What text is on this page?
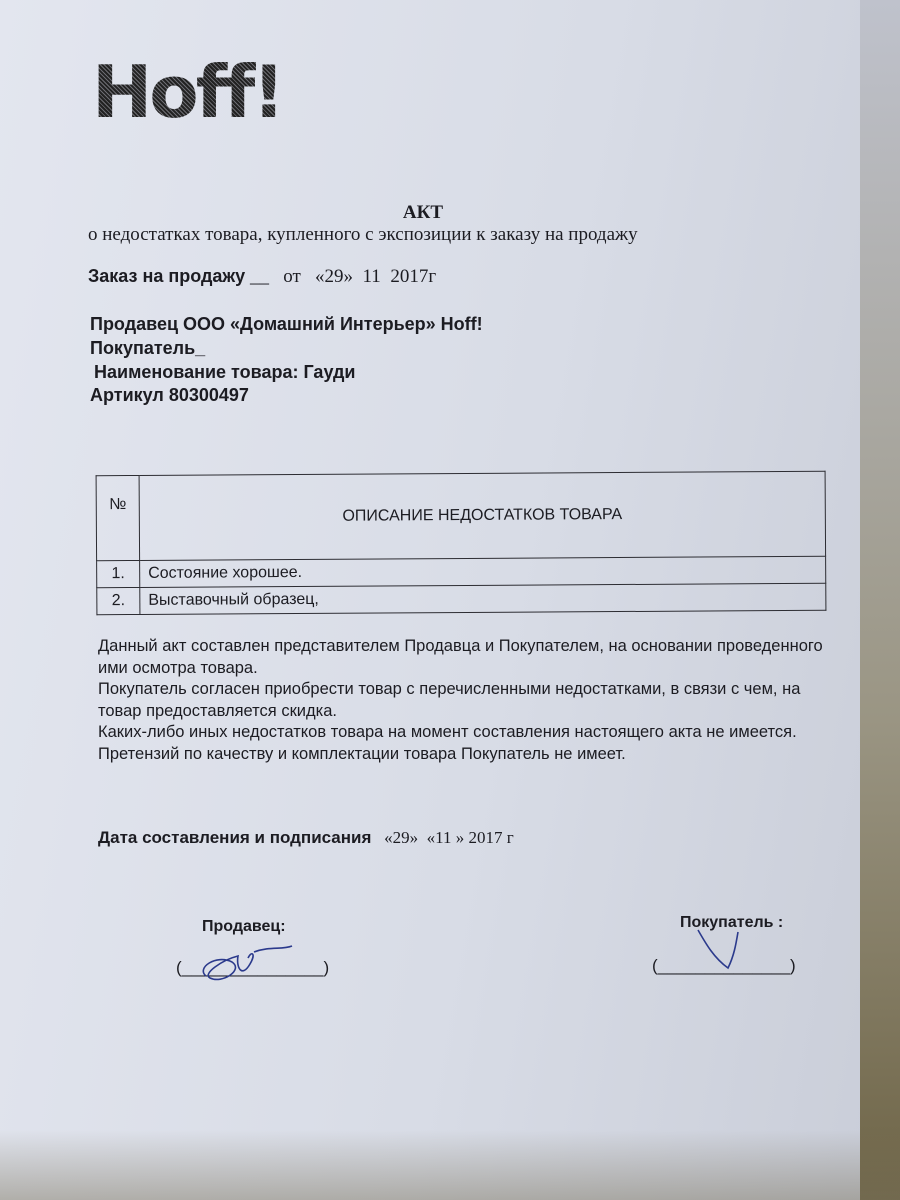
Hoff!
АКТ
о недостатках товара, купленного с экспозиции к заказу на продажу
Заказ на продажу __ от «29» 11 2017г
Продавец ООО «Домашний Интерьер» Hoff!
Покупатель_
Наименование товара: Гауди
Артикул 80300497
№	ОПИСАНИЕ НЕДОСТАТКОВ ТОВАРА
1.	Состояние хорошее.
2.	Выставочный образец,

Данный акт составлен представителем Продавца и Покупателем, на основании проведенного ими осмотра товара.

Покупатель согласен приобрести товар с перечисленными недостатками, в связи с чем, на товар предоставляется скидка.

Каких-либо иных недостатков товара на момент составления настоящего акта не имеется.

Претензий по качеству и комплектации товара Покупатель не имеет.

Дата составления и подписания «29» «11 » 2017 г
Продавец:
(_______________)
Покупатель :
(______________)
